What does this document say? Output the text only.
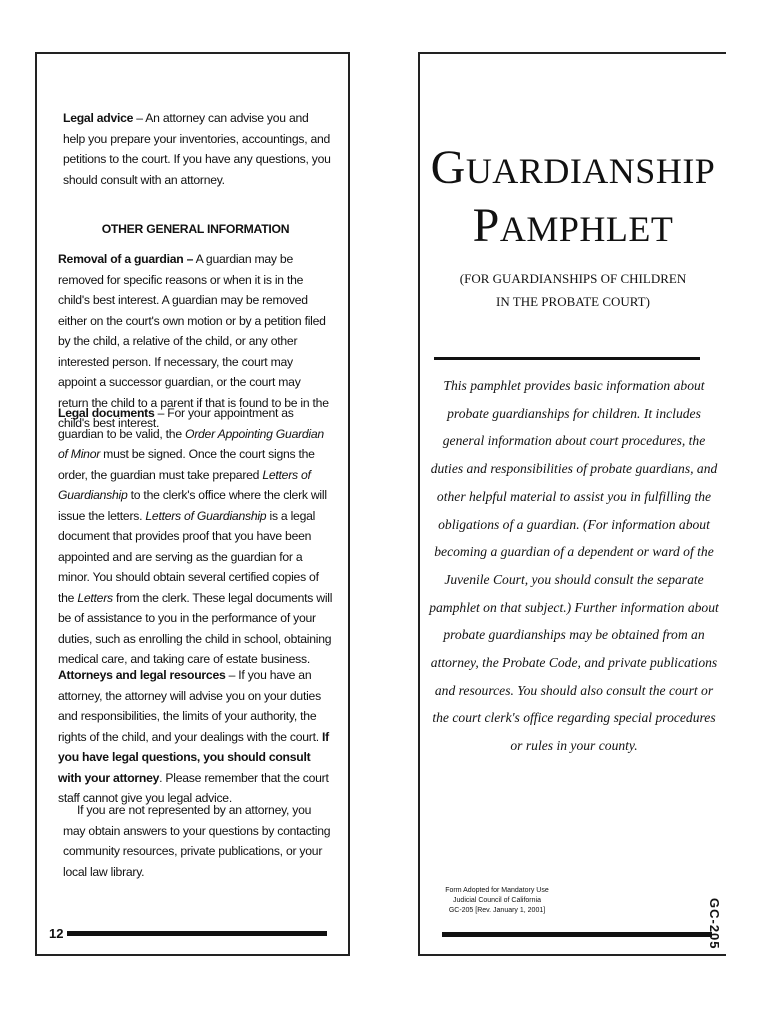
Legal advice – An attorney can advise you and help you prepare your inventories, accountings, and petitions to the court. If you have any questions, you should consult with an attorney.
OTHER GENERAL INFORMATION
Removal of a guardian – A guardian may be removed for specific reasons or when it is in the child's best interest. A guardian may be removed either on the court's own motion or by a petition filed by the child, a relative of the child, or any other interested person. If necessary, the court may appoint a successor guardian, or the court may return the child to a parent if that is found to be in the child's best interest.
Legal documents – For your appointment as guardian to be valid, the Order Appointing Guardian of Minor must be signed. Once the court signs the order, the guardian must take prepared Letters of Guardianship to the clerk's office where the clerk will issue the letters. Letters of Guardianship is a legal document that provides proof that you have been appointed and are serving as the guardian for a minor. You should obtain several certified copies of the Letters from the clerk. These legal documents will be of assistance to you in the performance of your duties, such as enrolling the child in school, obtaining medical care, and taking care of estate business.
Attorneys and legal resources – If you have an attorney, the attorney will advise you on your duties and responsibilities, the limits of your authority, the rights of the child, and your dealings with the court. If you have legal questions, you should consult with your attorney. Please remember that the court staff cannot give you legal advice.
If you are not represented by an attorney, you may obtain answers to your questions by contacting community resources, private publications, or your local law library.
12
GUARDIANSHIP
PAMPHLET
(FOR GUARDIANSHIPS OF CHILDREN
IN THE PROBATE COURT)
This pamphlet provides basic information about probate guardianships for children. It includes general information about court procedures, the duties and responsibilities of probate guardians, and other helpful material to assist you in fulfilling the obligations of a guardian. (For information about becoming a guardian of a dependent or ward of the Juvenile Court, you should consult the separate pamphlet on that subject.) Further information about probate guardianships may be obtained from an attorney, the Probate Code, and private publications and resources. You should also consult the court or the court clerk's office regarding special procedures or rules in your county.
Form Adopted for Mandatory Use
Judicial Council of California
GC-205 [Rev. January 1, 2001]	GC-205
